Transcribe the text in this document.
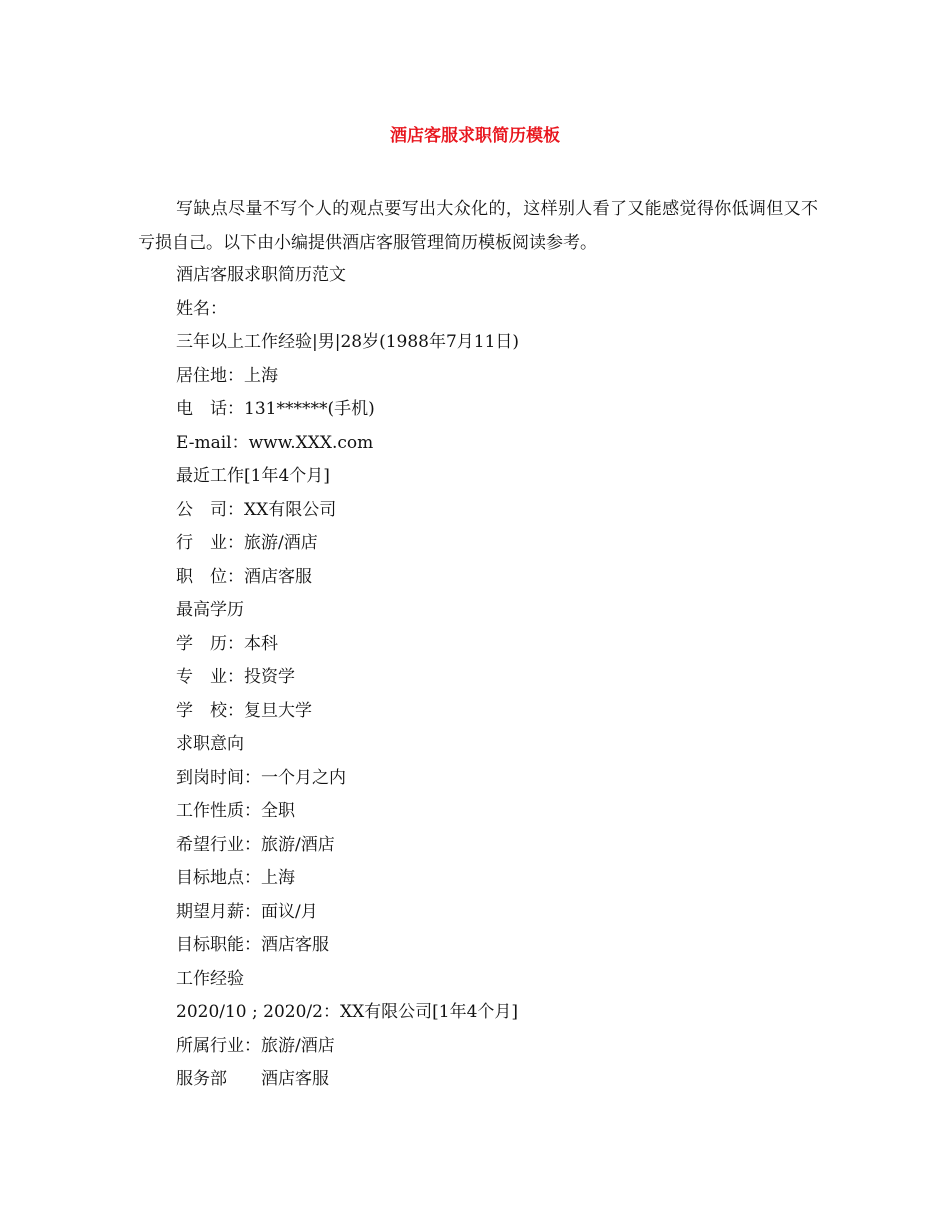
酒店客服求职简历模板

写缺点尽量不写个人的观点要写出大众化的，这样别人看了又能感觉得你低调但又不亏损自己。以下由小编提供酒店客服管理简历模板阅读参考。

酒店客服求职简历范文
姓名：
三年以上工作经验|男|28岁(1988年7月11日)
居住地：上海
电　话：131******(手机)
E-mail：www.XXX.com
最近工作[1年4个月]
公　司：XX有限公司
行　业：旅游/酒店
职　位：酒店客服
最高学历
学　历：本科
专　业：投资学
学　校：复旦大学
求职意向
到岗时间：一个月之内
工作性质：全职
希望行业：旅游/酒店
目标地点：上海
期望月薪：面议/月
目标职能：酒店客服
工作经验
2020/10 ; 2020/2：XX有限公司[1年4个月]
所属行业：旅游/酒店
服务部　　酒店客服
